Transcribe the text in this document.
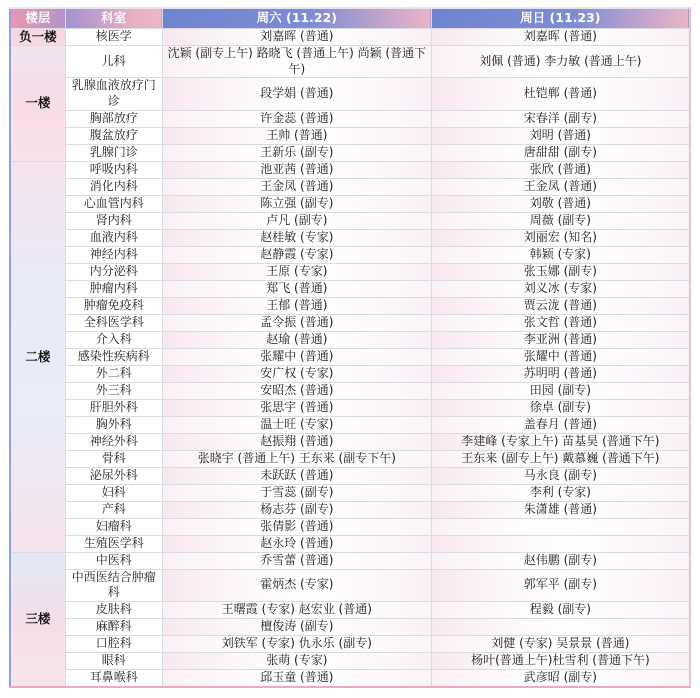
楼层	科室	周六 (11.22)	周日 (11.23)
负一楼	核医学	刘嘉晖 (普通)	刘嘉晖 (普通)
一楼	儿科	沈颖 (副专上午) 路晓飞 (普通上午) 尚颖 (普通下午)	刘佩 (普通) 李力敏 (普通上午)
	乳腺血液放疗门诊	段学娟 (普通)	杜铠郸 (普通)
	胸部放疗	许金蕊 (普通)	宋春洋 (副专)
	腹盆放疗	王帅 (普通)	刘明 (普通)
	乳腺门诊	王新乐 (副专)	唐甜甜 (副专)
二楼	呼吸内科	池亚茜 (普通)	张欣 (普通)
	消化内科	王金凤 (普通)	王金凤 (普通)
	心血管内科	陈立强 (副专)	刘敬 (普通)
	肾内科	卢凡 (副专)	周薇 (副专)
	血液内科	赵桂敏 (专家)	刘丽宏 (知名)
	神经内科	赵静霞 (专家)	韩颖 (专家)
	内分泌科	王原 (专家)	张玉娜 (副专)
	肿瘤内科	郑飞 (普通)	刘义冰 (专家)
	肿瘤免疫科	王郁 (普通)	贾云泷 (普通)
	全科医学科	孟令振 (普通)	张文哲 (普通)
	介入科	赵瑜 (普通)	李亚洲 (普通)
	感染性疾病科	张耀中 (普通)	张耀中 (普通)
	外二科	安广权 (专家)	苏明明 (普通)
	外三科	安昭杰 (普通)	田园 (副专)
	肝胆外科	张思宇 (普通)	徐卓 (副专)
	胸外科	温士旺 (专家)	盖春月 (普通)
	神经外科	赵振翔 (普通)	李建峰 (专家上午) 苗基昊 (普通下午)
	骨科	张晓宇 (普通上午) 王东来 (副专下午)	王东来 (副专上午) 戴慕巍 (普通下午)
	泌尿外科	未跃跃 (普通)	马永良 (副专)
	妇科	于雪蕊 (副专)	李利 (专家)
	产科	杨志芬 (副专)	朱潇雄 (普通)
	妇瘤科	张倩影 (普通)	
	生殖医学科	赵永玲 (普通)	
三楼	中医科	乔雪蕾 (普通)	赵伟鹏 (副专)
	中西医结合肿瘤科	霍炳杰 (专家)	郭军平 (副专)
	皮肤科	王曙霞 (专家) 赵宏业 (普通)	程毅 (副专)
	麻醉科	檀俊涛 (副专)	
	口腔科	刘铁军 (专家) 仇永乐 (副专)	刘健 (专家) 吴景景 (普通)
	眼科	张萌 (专家)	杨叶(普通上午)杜雪利 (普通下午)
	耳鼻喉科	邱玉童 (普通)	武彦昭 (副专)
